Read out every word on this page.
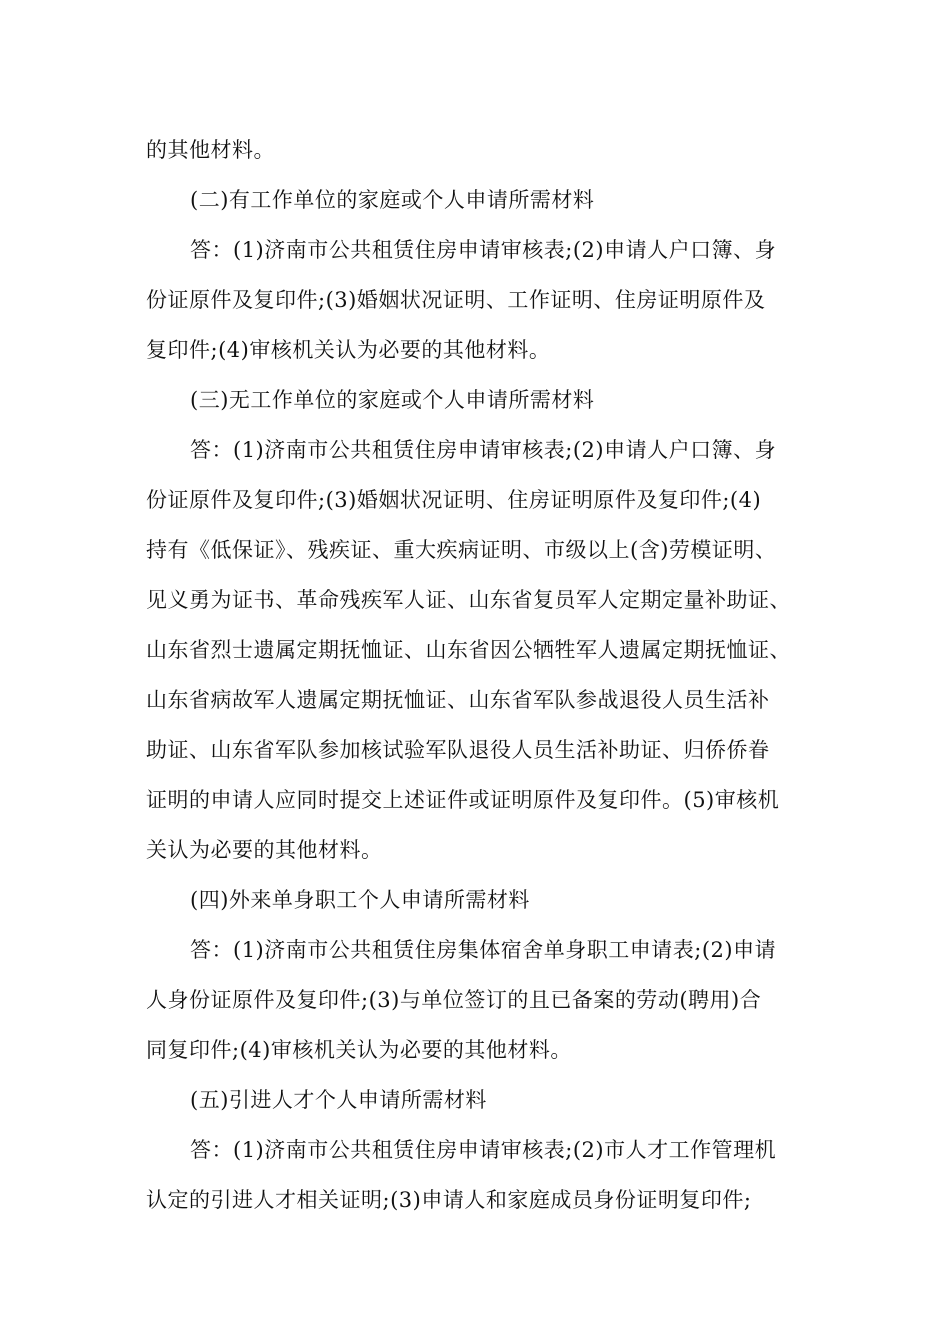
的其他材料。
(二)有工作单位的家庭或个人申请所需材料
答：(1)济南市公共租赁住房申请审核表;(2)申请人户口簿、身
份证原件及复印件;(3)婚姻状况证明、工作证明、住房证明原件及
复印件;(4)审核机关认为必要的其他材料。
(三)无工作单位的家庭或个人申请所需材料
答：(1)济南市公共租赁住房申请审核表;(2)申请人户口簿、身
份证原件及复印件;(3)婚姻状况证明、住房证明原件及复印件;(4)
持有《低保证》、残疾证、重大疾病证明、市级以上(含)劳模证明、
见义勇为证书、革命残疾军人证、山东省复员军人定期定量补助证、
山东省烈士遗属定期抚恤证、山东省因公牺牲军人遗属定期抚恤证、
山东省病故军人遗属定期抚恤证、山东省军队参战退役人员生活补
助证、山东省军队参加核试验军队退役人员生活补助证、归侨侨眷
证明的申请人应同时提交上述证件或证明原件及复印件。(5)审核机
关认为必要的其他材料。
(四)外来单身职工个人申请所需材料
答：(1)济南市公共租赁住房集体宿舍单身职工申请表;(2)申请
人身份证原件及复印件;(3)与单位签订的且已备案的劳动(聘用)合
同复印件;(4)审核机关认为必要的其他材料。
(五)引进人才个人申请所需材料
答：(1)济南市公共租赁住房申请审核表;(2)市人才工作管理机
认定的引进人才相关证明;(3)申请人和家庭成员身份证明复印件;
